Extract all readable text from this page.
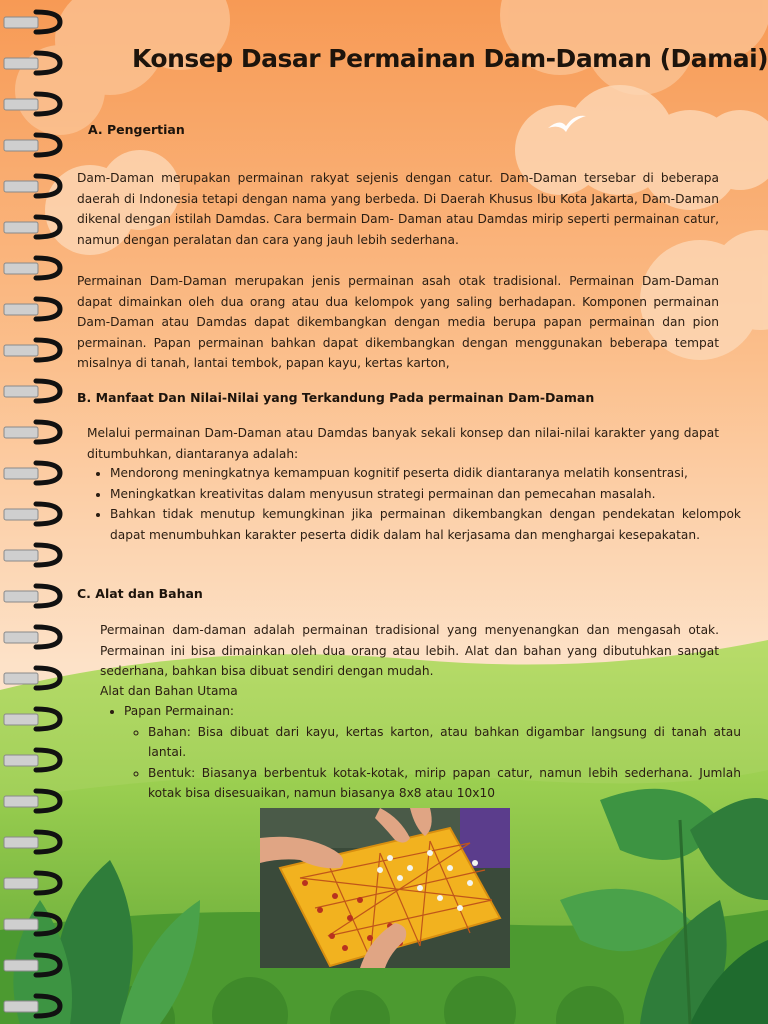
Konsep Dasar Permainan Dam-Daman (Damai)
A. Pengertian
Dam-Daman merupakan permainan rakyat sejenis dengan catur. Dam-Daman tersebar di beberapa daerah di Indonesia tetapi dengan nama yang berbeda. Di Daerah Khusus Ibu Kota Jakarta, Dam-Daman dikenal dengan istilah Damdas. Cara bermain Dam- Daman atau Damdas mirip seperti permainan catur, namun dengan peralatan dan cara yang jauh lebih sederhana.
Permainan Dam-Daman merupakan jenis permainan asah otak tradisional. Permainan Dam-Daman dapat dimainkan oleh dua orang atau dua kelompok yang saling berhadapan. Komponen permainan Dam-Daman atau Damdas dapat dikembangkan dengan media berupa papan permainan dan pion permainan. Papan permainan bahkan dapat dikembangkan dengan menggunakan beberapa tempat misalnya di tanah, lantai tembok, papan kayu, kertas karton,
B. Manfaat Dan Nilai-Nilai yang Terkandung Pada permainan Dam-Daman
Melalui permainan Dam-Daman atau Damdas banyak sekali konsep dan nilai-nilai karakter yang dapat ditumbuhkan, diantaranya adalah:
• Mendorong meningkatnya kemampuan kognitif peserta didik diantaranya melatih konsentrasi,
• Meningkatkan kreativitas dalam menyusun strategi permainan dan pemecahan masalah.
• Bahkan tidak menutup kemungkinan jika permainan dikembangkan dengan pendekatan kelompok dapat menumbuhkan karakter peserta didik dalam hal kerjasama dan menghargai kesepakatan.
C. Alat dan Bahan
Permainan dam-daman adalah permainan tradisional yang menyenangkan dan mengasah otak. Permainan ini bisa dimainkan oleh dua orang atau lebih. Alat dan bahan yang dibutuhkan sangat sederhana, bahkan bisa dibuat sendiri dengan mudah.
Alat dan Bahan Utama
• Papan Permainan:
◦ Bahan: Bisa dibuat dari kayu, kertas karton, atau bahkan digambar langsung di tanah atau lantai.
◦ Bentuk: Biasanya berbentuk kotak-kotak, mirip papan catur, namun lebih sederhana. Jumlah kotak bisa disesuaikan, namun biasanya 8x8 atau 10x10
